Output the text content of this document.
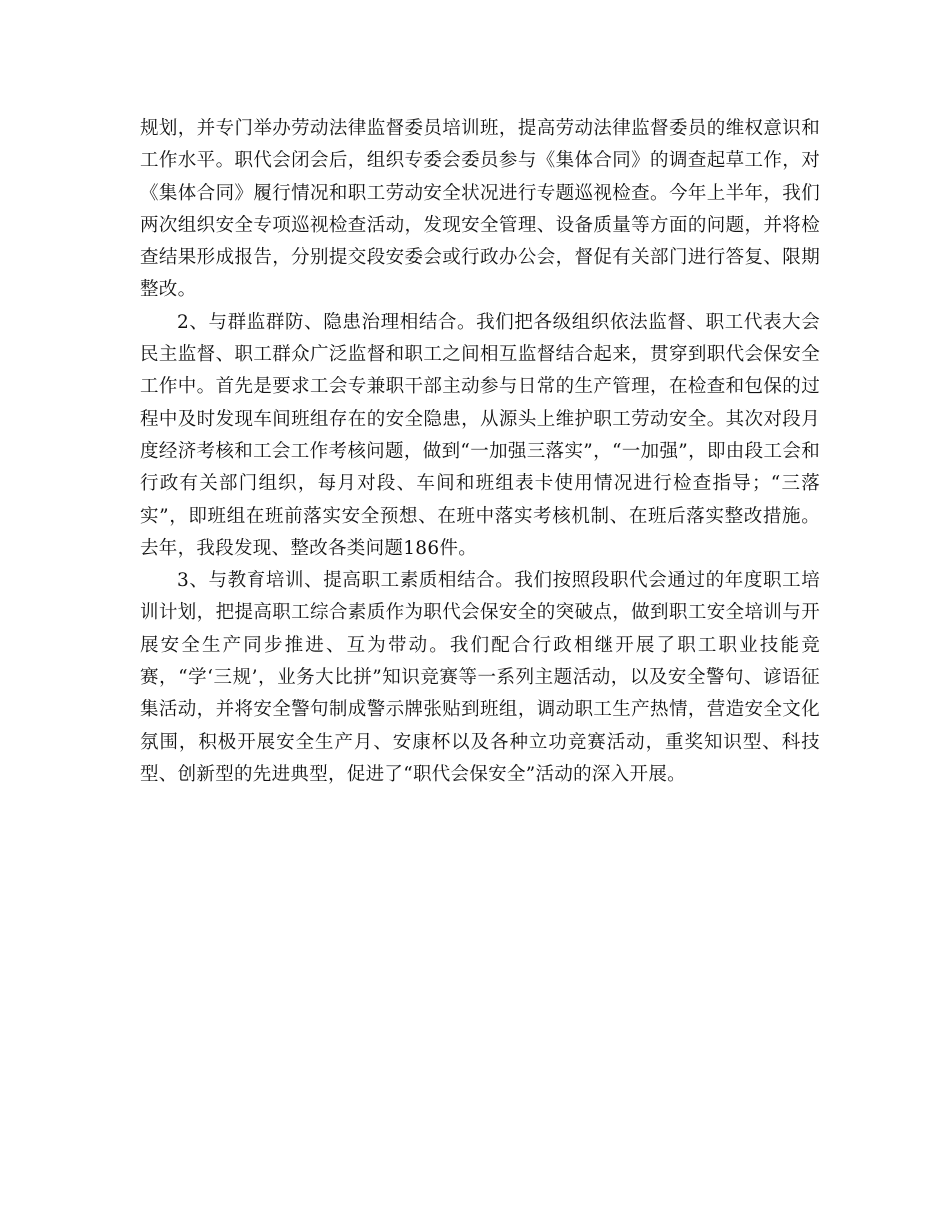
规划，并专门举办劳动法律监督委员培训班，提高劳动法律监督委员的维权意识和工作水平。职代会闭会后，组织专委会委员参与《集体合同》的调查起草工作，对《集体合同》履行情况和职工劳动安全状况进行专题巡视检查。今年上半年，我们两次组织安全专项巡视检查活动，发现安全管理、设备质量等方面的问题，并将检查结果形成报告，分别提交段安委会或行政办公会，督促有关部门进行答复、限期整改。

2、与群监群防、隐患治理相结合。我们把各级组织依法监督、职工代表大会民主监督、职工群众广泛监督和职工之间相互监督结合起来，贯穿到职代会保安全工作中。首先是要求工会专兼职干部主动参与日常的生产管理，在检查和包保的过程中及时发现车间班组存在的安全隐患，从源头上维护职工劳动安全。其次对段月度经济考核和工会工作考核问题，做到“一加强三落实”，“一加强”，即由段工会和行政有关部门组织，每月对段、车间和班组表卡使用情况进行检查指导；“三落实”，即班组在班前落实安全预想、在班中落实考核机制、在班后落实整改措施。去年，我段发现、整改各类问题186件。

3、与教育培训、提高职工素质相结合。我们按照段职代会通过的年度职工培训计划，把提高职工综合素质作为职代会保安全的突破点，做到职工安全培训与开展安全生产同步推进、互为带动。我们配合行政相继开展了职工职业技能竞赛，“学‘三规’，业务大比拼”知识竞赛等一系列主题活动，以及安全警句、谚语征集活动，并将安全警句制成警示牌张贴到班组，调动职工生产热情，营造安全文化氛围，积极开展安全生产月、安康杯以及各种立功竞赛活动，重奖知识型、科技型、创新型的先进典型，促进了“职代会保安全”活动的深入开展。
